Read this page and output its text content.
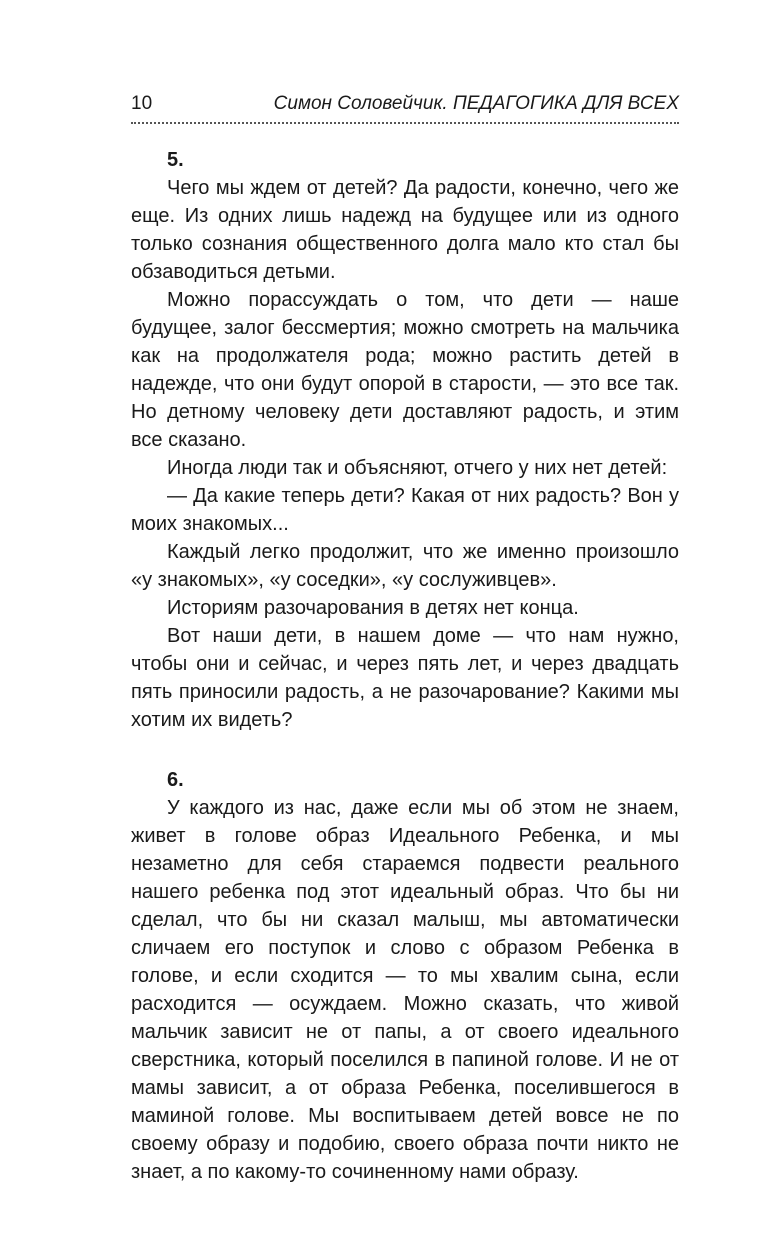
10	Симон Соловейчик. ПЕДАГОГИКА ДЛЯ ВСЕХ

5.

Чего мы ждем от детей? Да радости, конечно, чего же еще. Из одних лишь надежд на будущее или из одного только сознания общественного долга мало кто стал бы обзаводиться детьми.

Можно порассуждать о том, что дети — наше будущее, залог бессмертия; можно смотреть на мальчика как на продолжателя рода; можно растить детей в надежде, что они будут опорой в старости, — это все так. Но детному человеку дети доставляют радость, и этим все сказано.

Иногда люди так и объясняют, отчего у них нет детей:

— Да какие теперь дети? Какая от них радость? Вон у моих знакомых...

Каждый легко продолжит, что же именно произошло «у знакомых», «у соседки», «у сослуживцев».

Историям разочарования в детях нет конца.

Вот наши дети, в нашем доме — что нам нужно, чтобы они и сейчас, и через пять лет, и через двадцать пять приносили радость, а не разочарование? Какими мы хотим их видеть?

6.

У каждого из нас, даже если мы об этом не знаем, живет в голове образ Идеального Ребенка, и мы незаметно для себя стараемся подвести реального нашего ребенка под этот идеальный образ. Что бы ни сделал, что бы ни сказал малыш, мы автоматически сличаем его поступок и слово с образом Ребенка в голове, и если сходится — то мы хвалим сына, если расходится — осуждаем. Можно сказать, что живой мальчик зависит не от папы, а от своего идеального сверстника, который поселился в папиной голове. И не от мамы зависит, а от образа Ребенка, поселившегося в маминой голове. Мы воспитываем детей вовсе не по своему образу и подобию, своего образа почти никто не знает, а по какому-то сочиненному нами образу.
